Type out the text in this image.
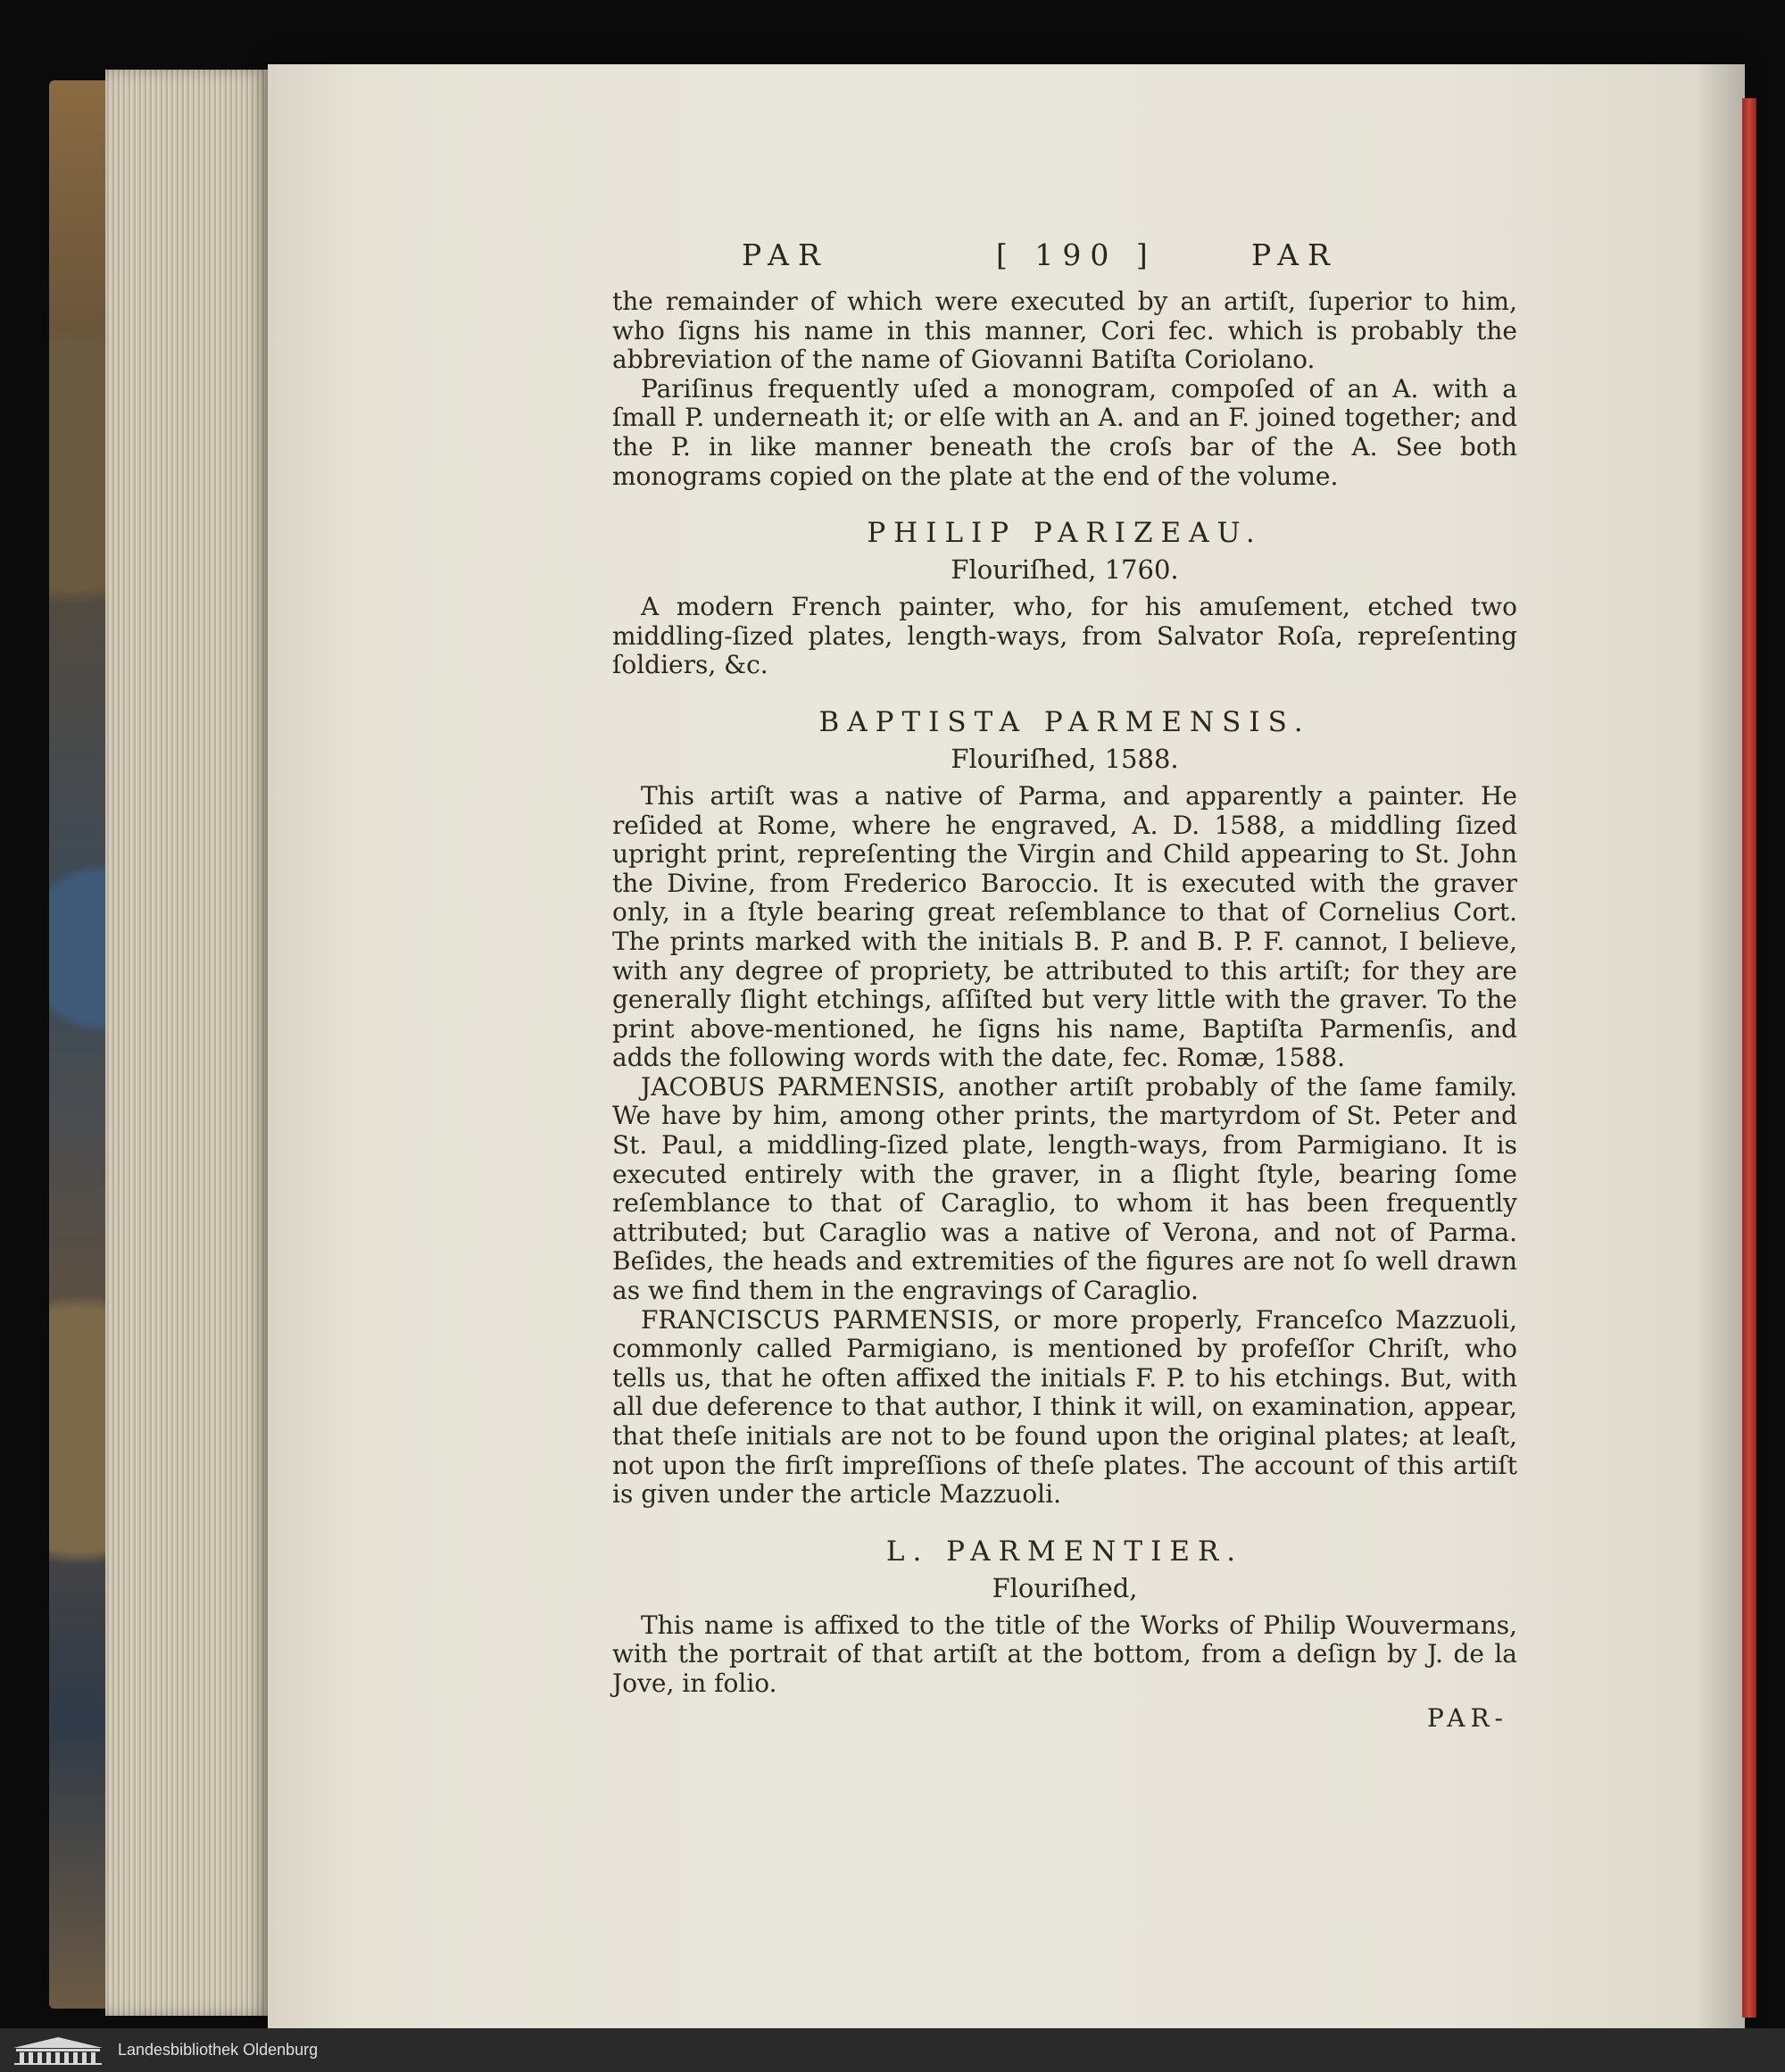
PAR	[ 190 ]	PAR

the remainder of which were executed by an artiſt, ſuperior to him, who ſigns his name in this manner, Cori fec. which is probably the abbreviation of the name of Giovanni Batiſta Coriolano.

Pariſinus frequently uſed a monogram, compoſed of an A. with a ſmall P. underneath it; or elſe with an A. and an F. joined together; and the P. in like manner beneath the croſs bar of the A. See both monograms copied on the plate at the end of the volume.

PHILIP PARIZEAU.
Flouriſhed, 1760.

A modern French painter, who, for his amuſement, etched two middling-ſized plates, length-ways, from Salvator Roſa, repreſenting ſoldiers, &c.

BAPTISTA PARMENSIS.
Flouriſhed, 1588.

This artiſt was a native of Parma, and apparently a painter. He reſided at Rome, where he engraved, A. D. 1588, a middling ſized upright print, repreſenting the Virgin and Child appearing to St. John the Divine, from Frederico Baroccio. It is executed with the graver only, in a ſtyle bearing great reſemblance to that of Cornelius Cort. The prints marked with the initials B. P. and B. P. F. cannot, I believe, with any degree of propriety, be attributed to this artiſt; for they are generally ſlight etchings, aſſiſted but very little with the graver. To the print above-mentioned, he ſigns his name, Baptiſta Parmenſis, and adds the following words with the date, fec. Romæ, 1588.

JACOBUS PARMENSIS, another artiſt probably of the ſame family. We have by him, among other prints, the martyrdom of St. Peter and St. Paul, a middling-ſized plate, length-ways, from Parmigiano. It is executed entirely with the graver, in a ſlight ſtyle, bearing ſome reſemblance to that of Caraglio, to whom it has been frequently attributed; but Caraglio was a native of Verona, and not of Parma. Beſides, the heads and extremities of the figures are not ſo well drawn as we find them in the engravings of Caraglio.

FRANCISCUS PARMENSIS, or more properly, Franceſco Mazzuoli, commonly called Parmigiano, is mentioned by profeſſor Chriſt, who tells us, that he often affixed the initials F. P. to his etchings. But, with all due deference to that author, I think it will, on examination, appear, that theſe initials are not to be found upon the original plates; at leaſt, not upon the firſt impreſſions of theſe plates. The account of this artiſt is given under the article Mazzuoli.

L. PARMENTIER.
Flouriſhed,

This name is affixed to the title of the Works of Philip Wouvermans, with the portrait of that artiſt at the bottom, from a deſign by J. de la Jove, in folio.

PAR-
Landesbibliothek Oldenburg
